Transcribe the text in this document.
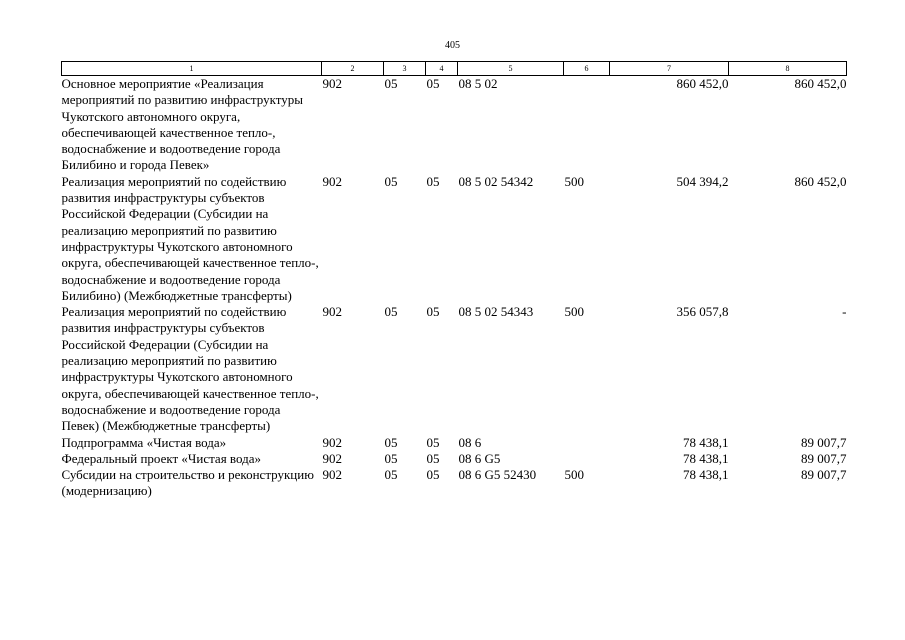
405
1	2	3	4	5	6	7	8
Основное мероприятие «Реализация мероприятий по развитию инфраструктуры Чукотского автономного округа, обеспечивающей качественное тепло-, водоснабжение и водоотведение города Билибино и города Певек»	902	05	05	08 5 02		860 452,0	860 452,0
Реализация мероприятий по содействию развития инфраструктуры субъектов Российской Федерации (Субсидии на реализацию мероприятий по развитию инфраструктуры Чукотского автономного округа, обеспечивающей качественное тепло-, водоснабжение и водоотведение города Билибино) (Межбюджетные трансферты)	902	05	05	08 5 02 54342	500	504 394,2	860 452,0
Реализация мероприятий по содействию развития инфраструктуры субъектов Российской Федерации (Субсидии на реализацию мероприятий по развитию инфраструктуры Чукотского автономного округа, обеспечивающей качественное тепло-, водоснабжение и водоотведение города Певек) (Межбюджетные трансферты)	902	05	05	08 5 02 54343	500	356 057,8	-
Подпрограмма «Чистая вода»	902	05	05	08 6		78 438,1	89 007,7
Федеральный проект «Чистая вода»	902	05	05	08 6 G5		78 438,1	89 007,7
Субсидии на строительство и реконструкцию (модернизацию)	902	05	05	08 6 G5 52430	500	78 438,1	89 007,7
